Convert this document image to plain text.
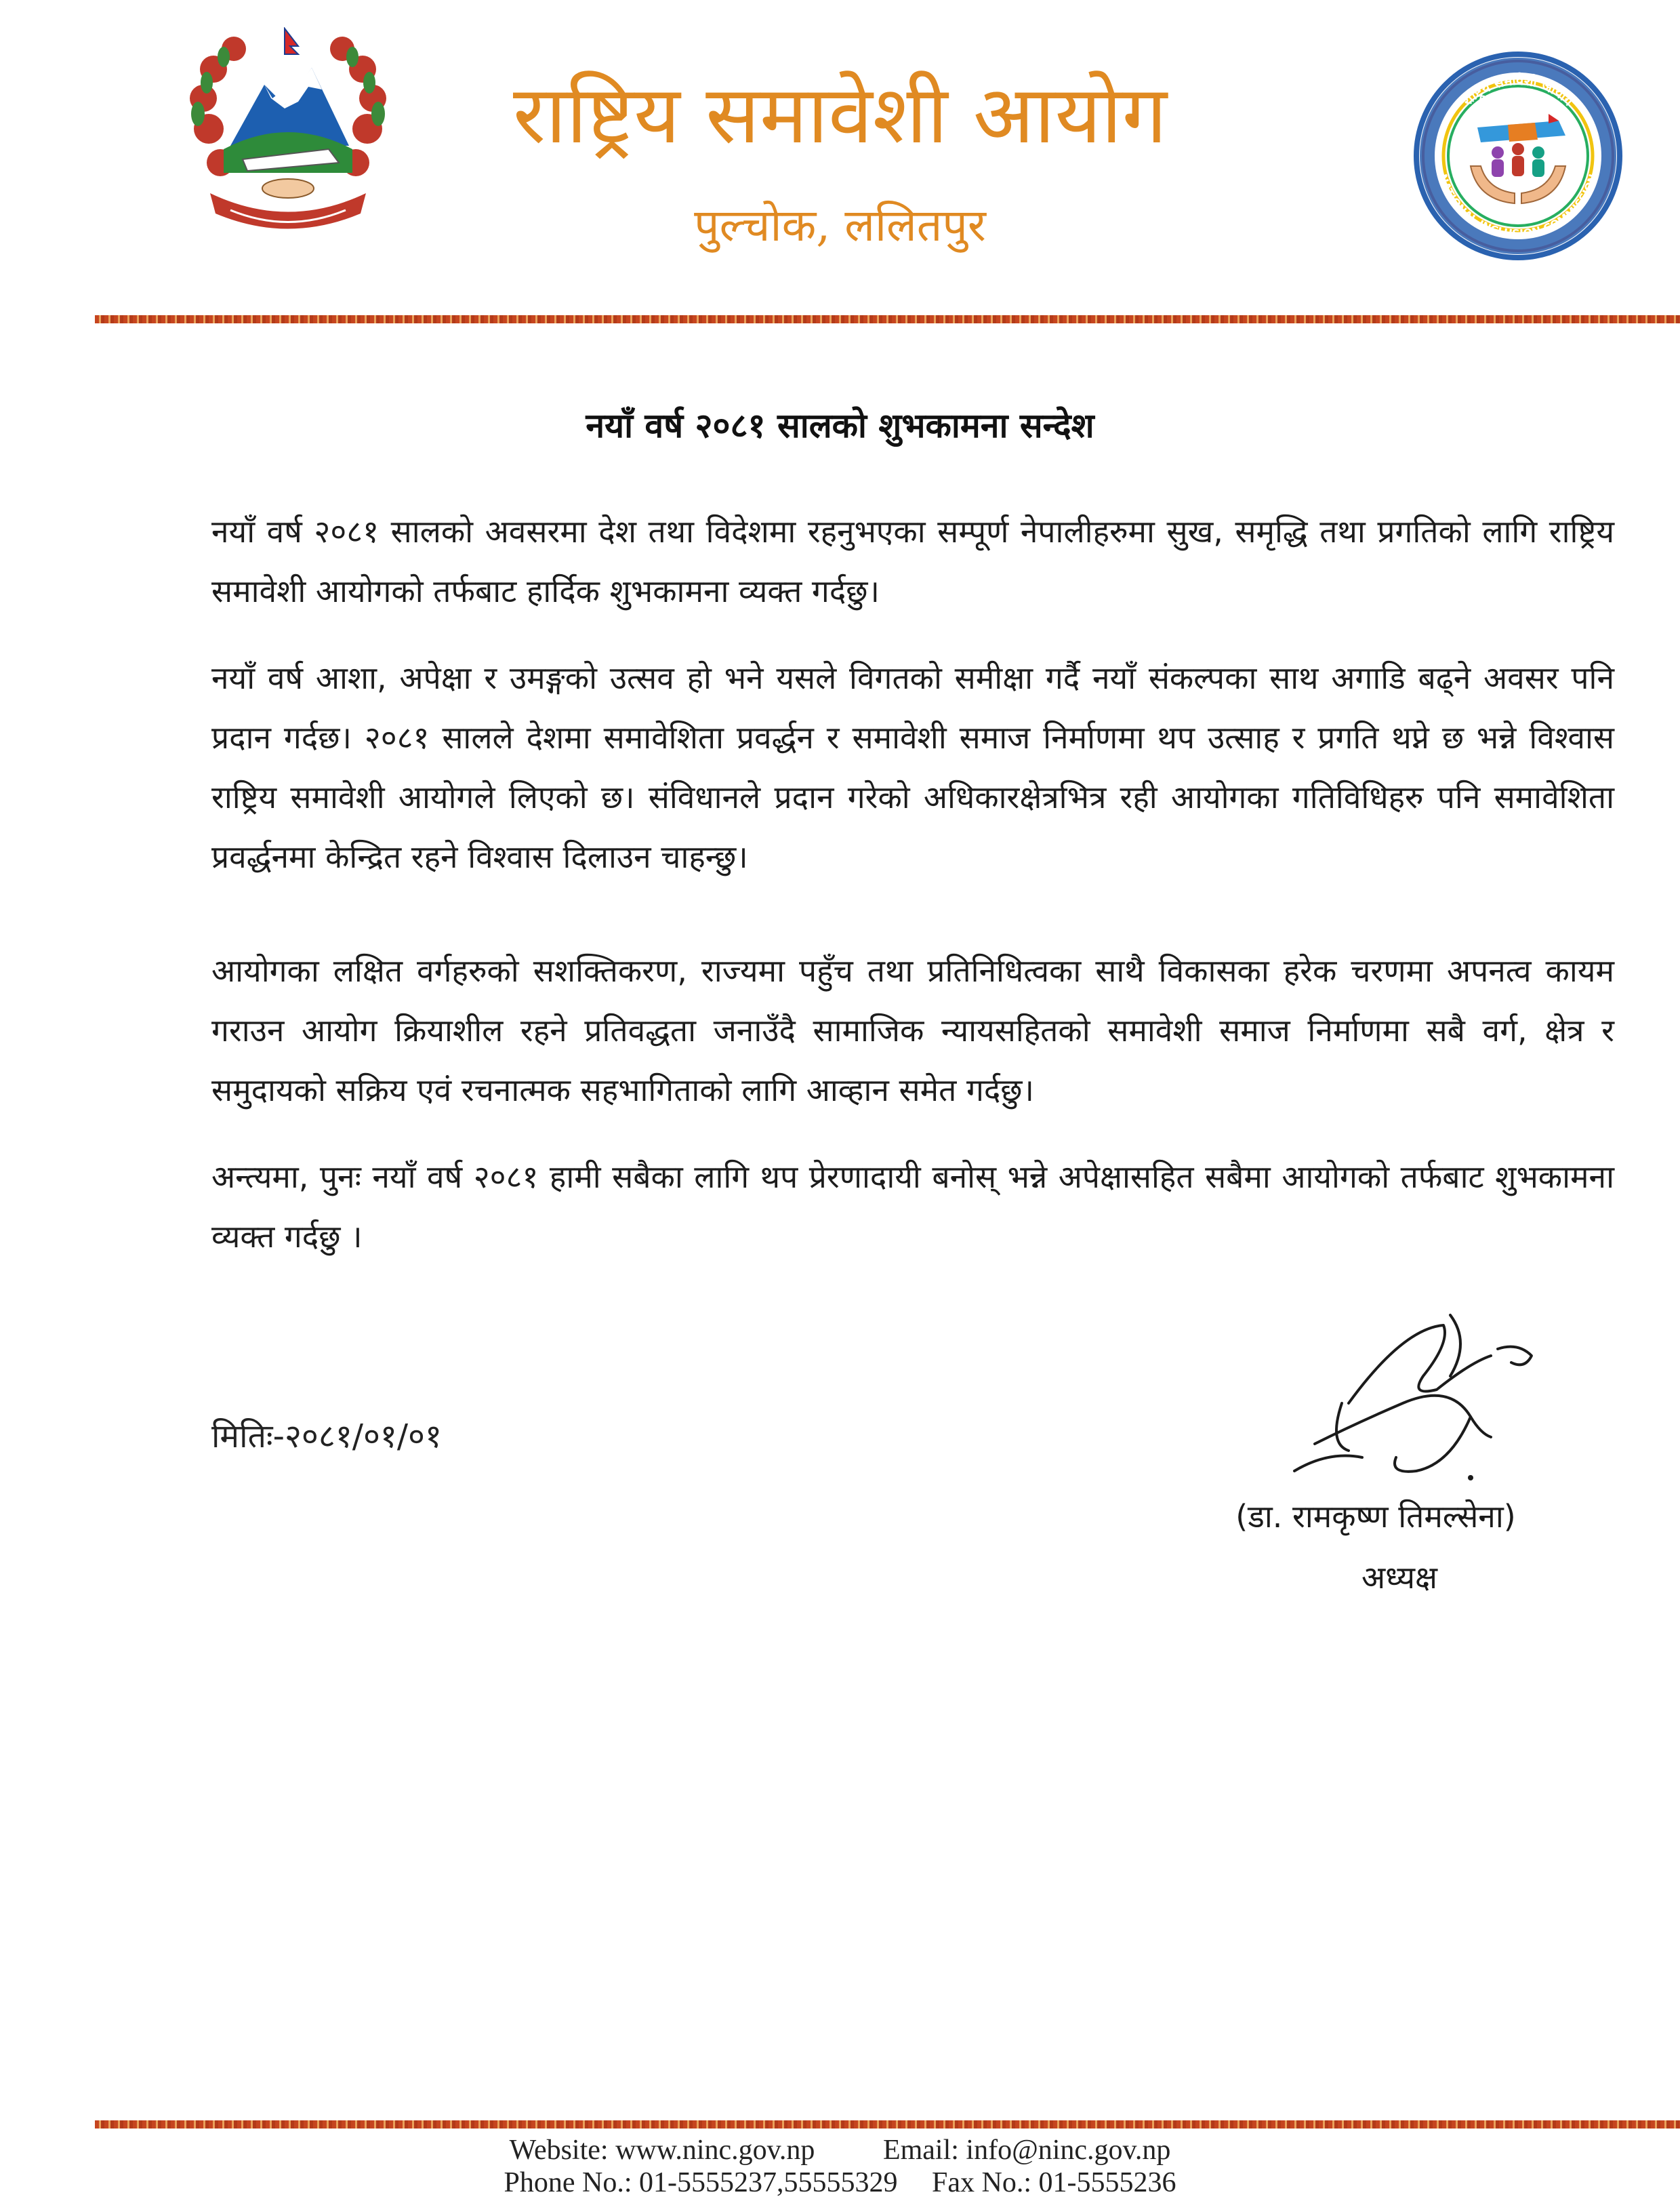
राष्ट्रिय समावेशी आयोग
पुल्चोक, ललितपुर
राष्ट्रिय समावेशी आयोग
NATIONAL INCLUSION COMMISSION
नयाँ वर्ष २०८१ सालको शुभकामना सन्देश

नयाँ वर्ष २०८१ सालको अवसरमा देश तथा विदेशमा रहनुभएका सम्पूर्ण नेपालीहरुमा सुख, समृद्धि तथा प्रगतिको लागि राष्ट्रिय समावेशी आयोगको तर्फबाट हार्दिक शुभकामना व्यक्त गर्दछु।

नयाँ वर्ष आशा, अपेक्षा र उमङ्गको उत्सव हो भने यसले विगतको समीक्षा गर्दै नयाँ संकल्पका साथ अगाडि बढ्ने अवसर पनि प्रदान गर्दछ। २०८१ सालले देशमा समावेशिता प्रवर्द्धन र समावेशी समाज निर्माणमा थप उत्साह र प्रगति थप्ने छ भन्ने विश्वास राष्ट्रिय समावेशी आयोगले लिएको छ। संविधानले प्रदान गरेको अधिकारक्षेत्रभित्र रही आयोगका गतिविधिहरु पनि समावेशिता प्रवर्द्धनमा केन्द्रित रहने विश्वास दिलाउन चाहन्छु।

आयोगका लक्षित वर्गहरुको सशक्तिकरण, राज्यमा पहुँच तथा प्रतिनिधित्वका साथै विकासका हरेक चरणमा अपनत्व कायम गराउन आयोग क्रियाशील रहने प्रतिवद्धता जनाउँदै सामाजिक न्यायसहितको समावेशी समाज निर्माणमा सबै वर्ग, क्षेत्र र समुदायको सक्रिय एवं रचनात्मक सहभागिताको लागि आव्हान समेत गर्दछु।

अन्त्यमा, पुनः नयाँ वर्ष २०८१ हामी सबैका लागि थप प्रेरणादायी बनोस् भन्ने अपेक्षासहित सबैमा आयोगको तर्फबाट शुभकामना व्यक्त गर्दछु ।

मितिः-२०८१/०१/०१
(डा. रामकृष्ण तिमल्सेना)
अध्यक्ष
Website: www.ninc.gov.np Email: info@ninc.gov.np
Phone No.: 01-5555237,55555329 Fax No.: 01-5555236
